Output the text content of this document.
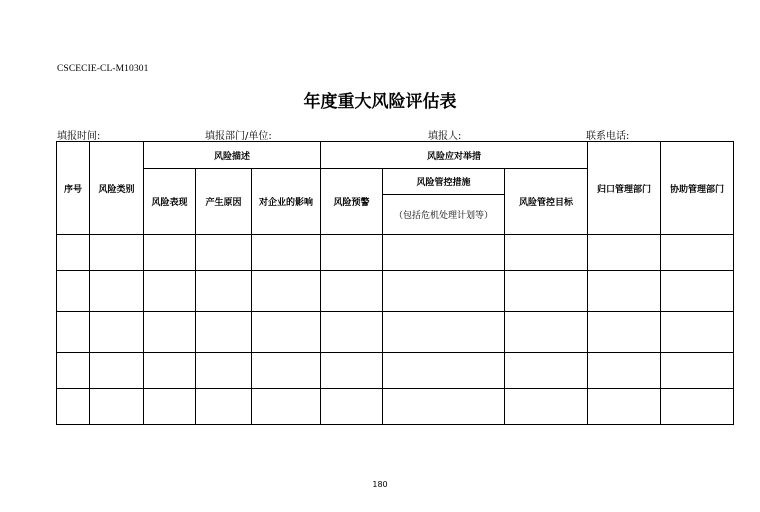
CSCECIE-CL-M10301
年度重大风险评估表
填报时间:	填报部门/单位:	填报人:	联系电话:
序号	风险类别	风险描述			风险应对举措			归口管理部门	协助管理部门
		风险表现	产生原因	对企业的影响	风险预警	风险管控措施	风险管控目标		
						（包括危机处理计划等）			

180
